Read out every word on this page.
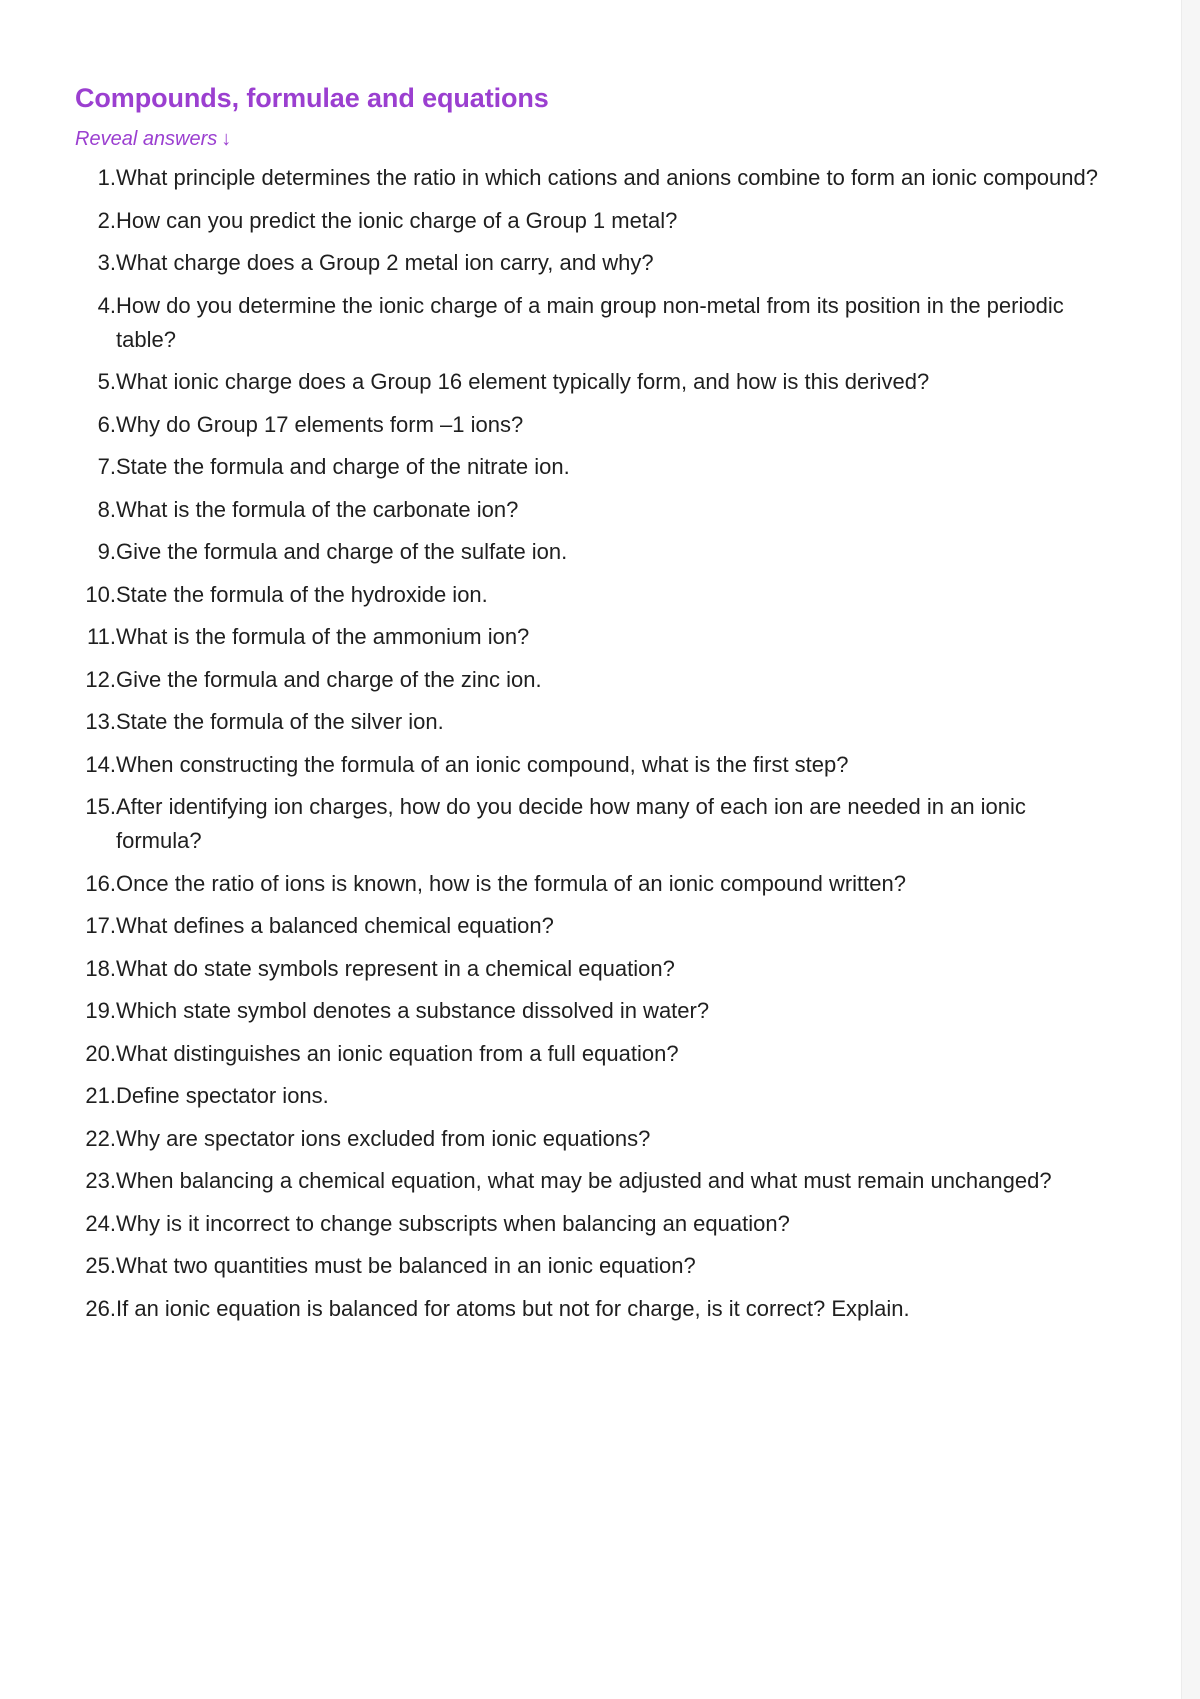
Compounds, formulae and equations
Reveal answers ↓
1. What principle determines the ratio in which cations and anions combine to form an ionic compound?
2. How can you predict the ionic charge of a Group 1 metal?
3. What charge does a Group 2 metal ion carry, and why?
4. How do you determine the ionic charge of a main group non-metal from its position in the periodic table?
5. What ionic charge does a Group 16 element typically form, and how is this derived?
6. Why do Group 17 elements form –1 ions?
7. State the formula and charge of the nitrate ion.
8. What is the formula of the carbonate ion?
9. Give the formula and charge of the sulfate ion.
10. State the formula of the hydroxide ion.
11. What is the formula of the ammonium ion?
12. Give the formula and charge of the zinc ion.
13. State the formula of the silver ion.
14. When constructing the formula of an ionic compound, what is the first step?
15. After identifying ion charges, how do you decide how many of each ion are needed in an ionic formula?
16. Once the ratio of ions is known, how is the formula of an ionic compound written?
17. What defines a balanced chemical equation?
18. What do state symbols represent in a chemical equation?
19. Which state symbol denotes a substance dissolved in water?
20. What distinguishes an ionic equation from a full equation?
21. Define spectator ions.
22. Why are spectator ions excluded from ionic equations?
23. When balancing a chemical equation, what may be adjusted and what must remain unchanged?
24. Why is it incorrect to change subscripts when balancing an equation?
25. What two quantities must be balanced in an ionic equation?
26. If an ionic equation is balanced for atoms but not for charge, is it correct? Explain.
